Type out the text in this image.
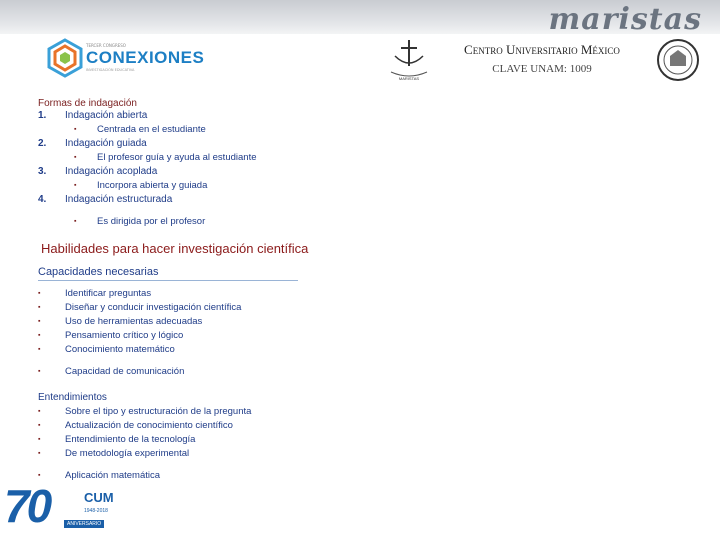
maristas
TERCER CONGRESO
CONEXIONES
INVESTIGACIÓN EDUCATIVA
MARISTAS
Centro Universitario México
CLAVE UNAM: 1009
Formas de indagación
1. Indagación abierta
▪ Centrada en el estudiante
2. Indagación guiada
▪ El profesor guía y ayuda al estudiante
3. Indagación acoplada
▪ Incorpora abierta y guiada
4. Indagación estructurada
▪ Es dirigida por el profesor
Habilidades para hacer investigación científica
Capacidades necesarias
▪	Identificar preguntas
▪	Diseñar y conducir investigación científica
▪	Uso de herramientas adecuadas
▪	Pensamiento crítico y lógico
▪	Conocimiento matemático
▪	Capacidad de comunicación
Entendimientos
▪	Sobre el tipo y estructuración de la pregunta
▪	Actualización de conocimiento científico
▪	Entendimiento de la tecnología
▪	De metodología experimental
▪	Aplicación matemática
70	CUM
1948-2018
ANIVERSARIO
